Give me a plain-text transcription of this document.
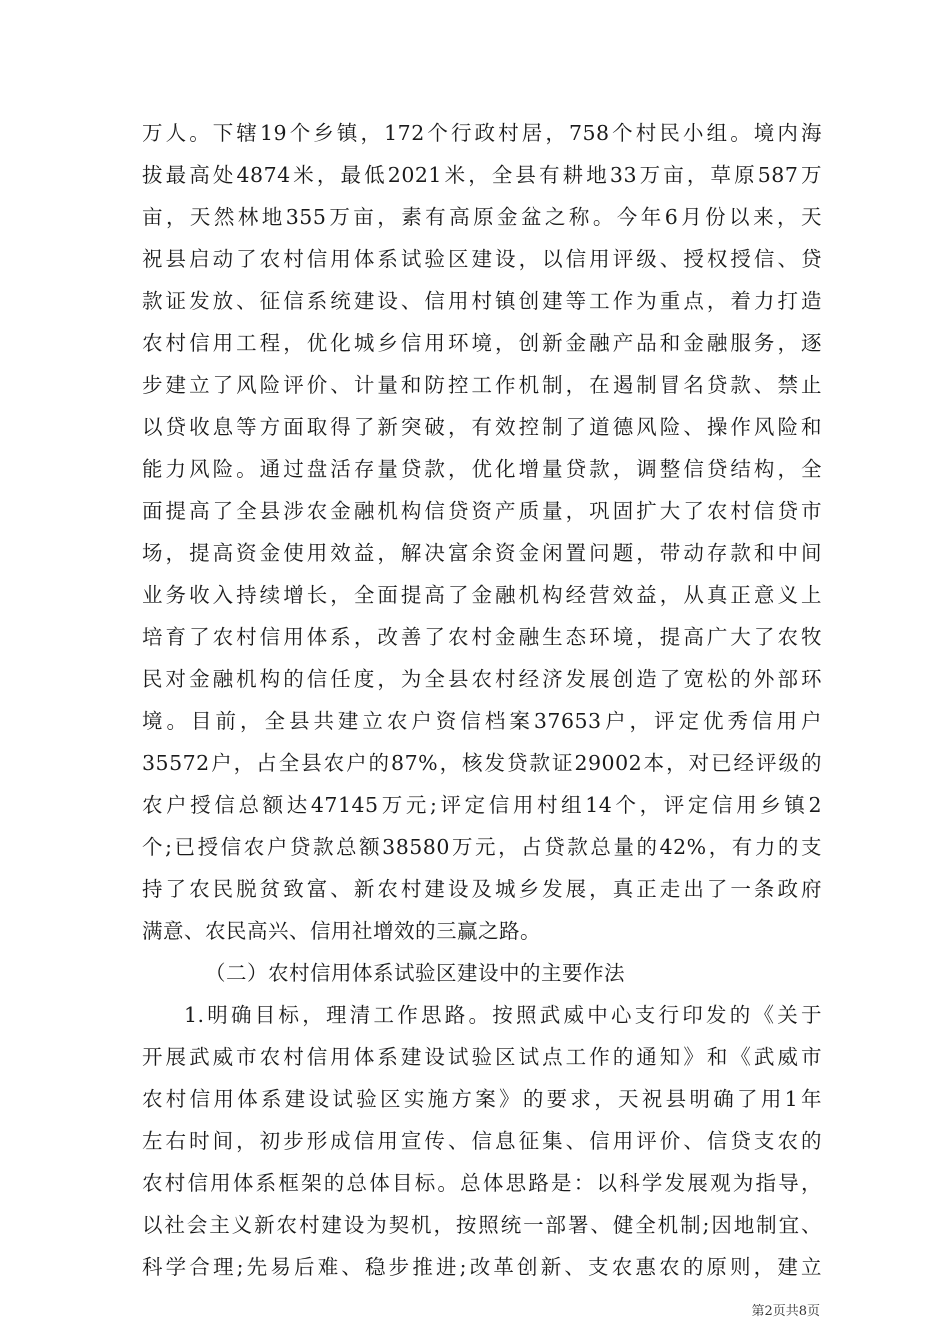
万人。下辖19个乡镇，172个行政村居，758个村民小组。境内海
拔最高处4874米，最低2021米，全县有耕地33万亩，草原587万
亩，天然林地355万亩，素有高原金盆之称。今年6月份以来，天
祝县启动了农村信用体系试验区建设，以信用评级、授权授信、贷
款证发放、征信系统建设、信用村镇创建等工作为重点，着力打造
农村信用工程，优化城乡信用环境，创新金融产品和金融服务，逐
步建立了风险评价、计量和防控工作机制，在遏制冒名贷款、禁止
以贷收息等方面取得了新突破，有效控制了道德风险、操作风险和
能力风险。通过盘活存量贷款，优化增量贷款，调整信贷结构，全
面提高了全县涉农金融机构信贷资产质量，巩固扩大了农村信贷市
场，提高资金使用效益，解决富余资金闲置问题，带动存款和中间
业务收入持续增长，全面提高了金融机构经营效益，从真正意义上
培育了农村信用体系，改善了农村金融生态环境，提高广大了农牧
民对金融机构的信任度，为全县农村经济发展创造了宽松的外部环
境。目前，全县共建立农户资信档案37653户，评定优秀信用户
35572户，占全县农户的87%，核发贷款证29002本，对已经评级的
农户授信总额达47145万元;评定信用村组14个，评定信用乡镇2
个;已授信农户贷款总额38580万元，占贷款总量的42%，有力的支
持了农民脱贫致富、新农村建设及城乡发展，真正走出了一条政府
满意、农民高兴、信用社增效的三赢之路。
（二）农村信用体系试验区建设中的主要作法
1.明确目标，理清工作思路。按照武威中心支行印发的《关于
开展武威市农村信用体系建设试验区试点工作的通知》和《武威市
农村信用体系建设试验区实施方案》的要求，天祝县明确了用1年
左右时间，初步形成信用宣传、信息征集、信用评价、信贷支农的
农村信用体系框架的总体目标。总体思路是：以科学发展观为指导，
以社会主义新农村建设为契机，按照统一部署、健全机制;因地制宜、
科学合理;先易后难、稳步推进;改革创新、支农惠农的原则，建立
第2页共8页
